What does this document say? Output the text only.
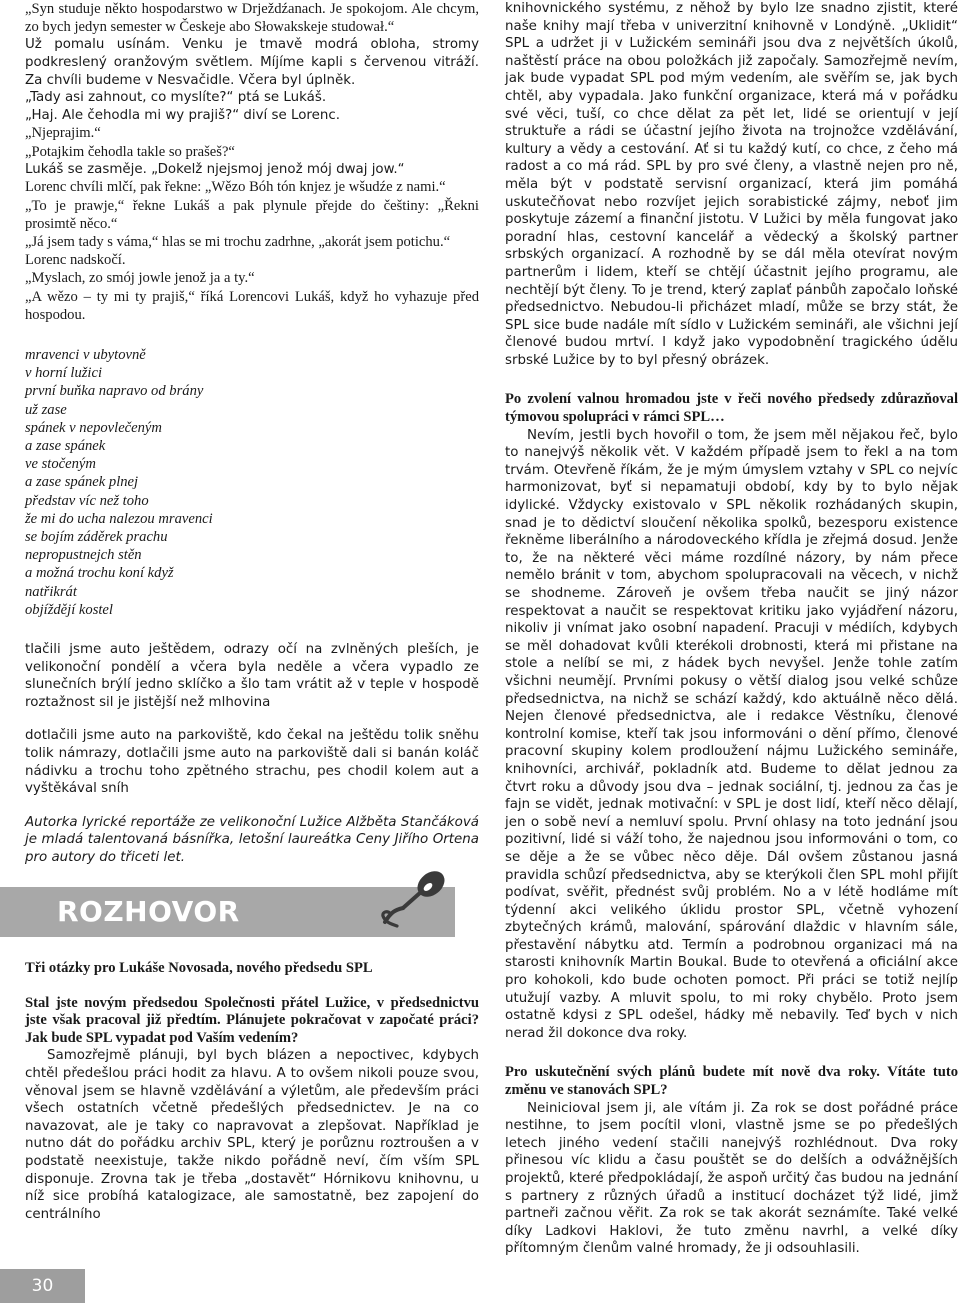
„Syn studuje někto hospodarstwo w Drježdźanach. Je spokojom. Ale chcym, zo bych jedyn semester w Českeje abo Słowakskeje studował.“

Už pomalu usínám. Venku je tmavě modrá obloha, stromy podkreslený oranžovým světlem. Míjíme kapli s červenou vitráží. Za chvíli budeme v Nesvačidle. Včera byl úplněk.

„Tady asi zahnout, co myslíte?“ ptá se Lukáš.

„Haj. Ale čehodla mi wy prajiš?“ diví se Lorenc.

„Njeprajim.“

„Potajkim čehodla takle so prašeš?“

Lukáš se zasměje. „Dokelž njejsmoj jenož mój dwaj jow.“

Lorenc chvíli mlčí, pak řekne: „Wězo Bóh tón knjez je wšudźe z nami.“

„To je prawje,“ řekne Lukáš a pak plynule přejde do češtiny: „Řekni prosimtě něco.“

„Já jsem tady s váma,“ hlas se mi trochu zadrhne, „akorát jsem potichu.“

Lorenc nadskočí.

„Myslach, zo smój jowle jenož ja a ty.“

„A wězo – ty mi ty prajiš,“ říká Lorencovi Lukáš, když ho vyhazuje před hospodou.

mravenci v ubytovně
v horní lužici
první buňka napravo od brány
už zase
spánek v nepovlečeným
a zase spánek
ve stočeným
a zase spánek plnej
představ víc než toho
že mi do ucha nalezou mravenci
se bojím záděrek prachu
nepropustnejch stěn
a možná trochu koní když
natřikrát
objíždějí kostel

tlačili jsme auto ještědem, odrazy očí na zvlněných pleších, je velikonoční pondělí a včera byla neděle a včera vypadlo ze slunečních brýlí jedno sklíčko a šlo tam vrátit až v teple v hospodě roztažnost sil je jistější než mlhovina

dotlačili jsme auto na parkoviště, kdo čekal na ještědu tolik sněhu tolik námrazy, dotlačili jsme auto na parkoviště dali si banán koláč nádivku a trochu toho zpětného strachu, pes chodil kolem aut a vyštěkával sníh

Autorka lyrické reportáže ze velikonoční Lužice Alžběta Stančáková je mladá talentovaná básnířka, letošní laureátka Ceny Jiřího Ortena pro autory do třiceti let.

ROZHOVOR

Tři otázky pro Lukáše Novosada, nového předsedu SPL

Stal jste novým předsedou Společnosti přátel Lužice, v předsednictvu jste však pracoval již předtím. Plánujete pokračovat v započaté práci? Jak bude SPL vypadat pod Vaším vedením?

Samozřejmě plánuji, byl bych blázen a nepoctivec, kdybych chtěl předešlou práci hodit za hlavu. A to ovšem nikoli pouze svou, věnoval jsem se hlavně vzdělávání a výletům, ale především práci všech ostatních včetně předešlých předsednictev. Je na co navazovat, ale je taky co napravovat a zlepšovat. Například je nutno dát do pořádku archiv SPL, který je porůznu roztroušen a v podstatě neexistuje, takže nikdo pořádně neví, čím vším SPL disponuje. Zrovna tak je třeba „dostavět“ Hórnikovu knihovnu, u níž sice probíhá katalogizace, ale samostatně, bez zapojení do centrálního

knihovnického systému, z něhož by bylo lze snadno zjistit, které naše knihy mají třeba v univerzitní knihovně v Londýně. „Uklidit“ SPL a udržet ji v Lužickém semináři jsou dva z největších úkolů, naštěstí práce na obou položkách již započaly. Samozřejmě nevím, jak bude vypadat SPL pod mým vedením, ale svěřím se, jak bych chtěl, aby vypadala. Jako funkční organizace, která má v pořádku své věci, tuší, co chce dělat za pět let, lidé se orientují v její struktuře a rádi se účastní jejího života na trojnožce vzdělávání, kultury a vědy a cestování. Ať si tu každý kutí, co chce, z čeho má radost a co má rád. SPL by pro své členy, a vlastně nejen pro ně, měla být v podstatě servisní organizací, která jim pomáhá uskutečňovat nebo rozvíjet jejich sorabistické zájmy, neboť jim poskytuje zázemí a finanční jistotu. V Lužici by měla fungovat jako poradní hlas, cestovní kancelář a vědecký a školský partner srbských organizací. A rozhodně by se dál měla otevírat novým partnerům i lidem, kteří se chtějí účastnit jejího programu, ale nechtějí být členy. To je trend, který zaplať pánbůh započalo loňské předsednictvo. Nebudou-li přicházet mladí, může se brzy stát, že SPL sice bude nadále mít sídlo v Lužickém semináři, ale všichni její členové budou mrtví. I když jako vypodobnění tragického údělu srbské Lužice by to byl přesný obrázek.

Po zvolení valnou hromadou jste v řeči nového předsedy zdůrazňoval týmovou spolupráci v rámci SPL…

Nevím, jestli bych hovořil o tom, že jsem měl nějakou řeč, bylo to nanejvýš několik vět. V každém případě jsem to řekl a na tom trvám. Otevřeně říkám, že je mým úmyslem vztahy v SPL co nejvíc harmonizovat, byť si nepamatuji období, kdy by to bylo nějak idylické. Vždycky existovalo v SPL několik rozhádaných skupin, snad je to dědictví sloučení několika spolků, bezesporu existence řekněme liberálního a národoveckého křídla je zřejmá dosud. Jenže to, že na některé věci máme rozdílné názory, by nám přece nemělo bránit v tom, abychom spolupracovali na věcech, v nichž se shodneme. Zároveň je ovšem třeba naučit se jiný názor respektovat a naučit se respektovat kritiku jako vyjádření názoru, nikoliv ji vnímat jako osobní napadení. Pracuji v médiích, kdybych se měl dohadovat kvůli kterékoli drobnosti, která mi přistane na stole a nelíbí se mi, z hádek bych nevyšel. Jenže tohle zatím všichni neumějí. Prvními pokusy o větší dialog jsou velké schůze předsednictva, na nichž se schází každý, kdo aktuálně něco dělá. Nejen členové předsednictva, ale i redakce Věstníku, členové kontrolní komise, kteří tak jsou informováni o dění přímo, členové pracovní skupiny kolem prodloužení nájmu Lužického semináře, knihovníci, archivář, pokladník atd. Budeme to dělat jednou za čtvrt roku a důvody jsou dva – jednak sociální, tj. jednou za čas je fajn se vidět, jednak motivační: v SPL je dost lidí, kteří něco dělají, jen o sobě neví a nemluví spolu. První ohlasy na toto jednání jsou pozitivní, lidé si váží toho, že najednou jsou informováni o tom, co se děje a že se vůbec něco děje. Dál ovšem zůstanou jasná pravidla schůzí předsednictva, aby se kterýkoli člen SPL mohl přijít podívat, svěřit, přednést svůj problém. No a v létě hodláme mít týdenní akci velikého úklidu prostor SPL, včetně vyhození zbytečných krámů, malování, spárování dlaždic v hlavním sále, přestavění nábytku atd. Termín a podrobnou organizaci má na starosti knihovník Martin Boukal. Bude to otevřená a oficiální akce pro kohokoli, kdo bude ochoten pomoct. Při práci se totiž nejlíp utužují vazby. A mluvit spolu, to mi roky chybělo. Proto jsem ostatně kdysi z SPL odešel, hádky mě nebavily. Teď bych v nich nerad žil dokonce dva roky.

Pro uskutečnění svých plánů budete mít nově dva roky. Vítáte tuto změnu ve stanovách SPL?

Neinicioval jsem ji, ale vítám ji. Za rok se dost pořádné práce nestihne, to jsem pocítil vloni, vlastně jsme se po předešlých letech jiného vedení stačili nanejvýš rozhlédnout. Dva roky přinesou víc klidu a času pouštět se do delších a odvážnějších projektů, které předpokládají, že aspoň určitý čas budou na jednání s partnery z různých úřadů a institucí docházet týž lidé, jimž partneři začnou věřit. Za rok se tak akorát seznámíte. Také velké díky Ladkovi Haklovi, že tuto změnu navrhl, a velké díky přítomným členům valné hromady, že ji odsouhlasili.

30
